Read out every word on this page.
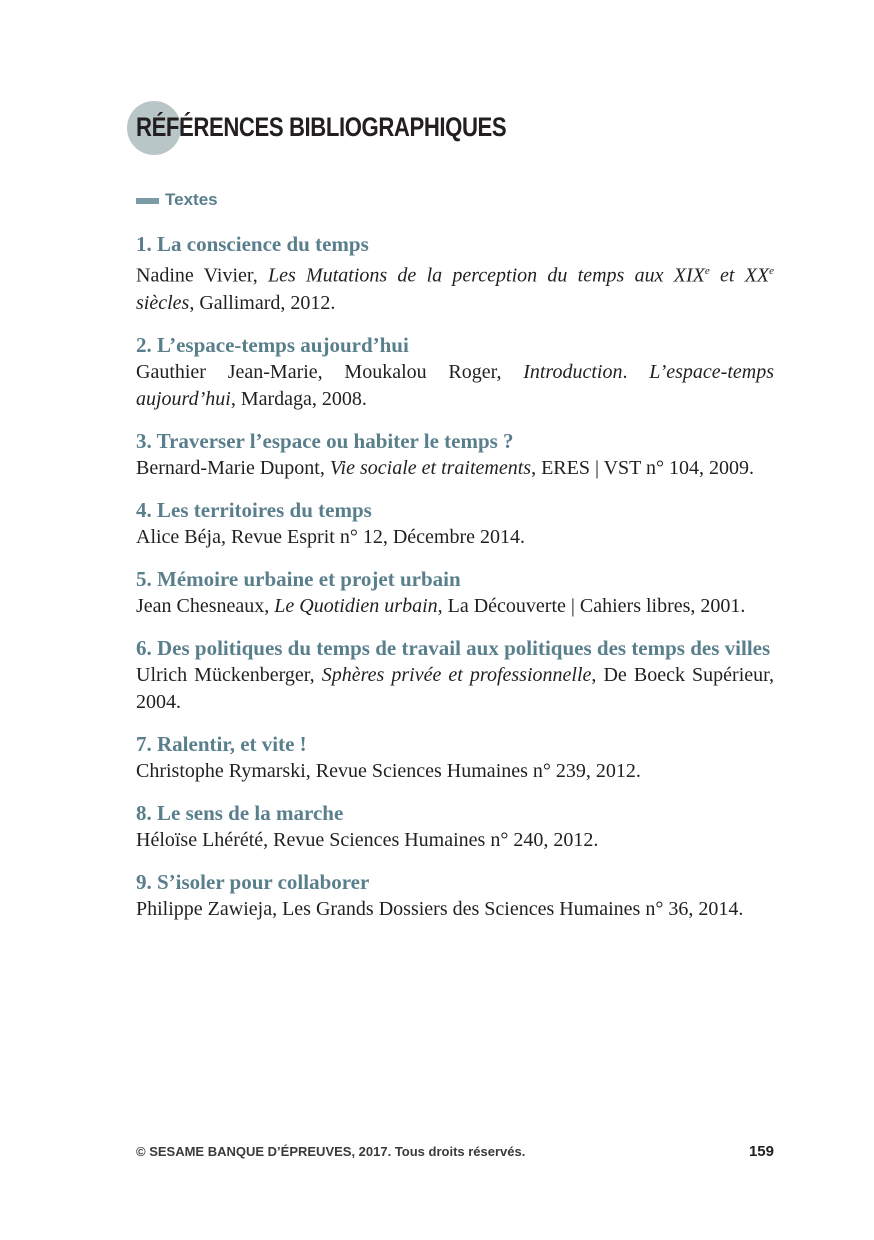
RÉFÉRENCES BIBLIOGRAPHIQUES
Textes
1. La conscience du temps
Nadine Vivier, Les Mutations de la perception du temps aux XIXe et XXe siècles, Gallimard, 2012.
2. L’espace-temps aujourd’hui
Gauthier Jean-Marie, Moukalou Roger, Introduction. L’espace-temps aujourd’hui, Mardaga, 2008.
3. Traverser l’espace ou habiter le temps ?
Bernard-Marie Dupont, Vie sociale et traitements, ERES | VST n° 104, 2009.
4. Les territoires du temps
Alice Béja, Revue Esprit n° 12, Décembre 2014.
5. Mémoire urbaine et projet urbain
Jean Chesneaux, Le Quotidien urbain, La Découverte | Cahiers libres, 2001.
6. Des politiques du temps de travail aux politiques des temps des villes
Ulrich Mückenberger, Sphères privée et professionnelle, De Boeck Supérieur, 2004.
7. Ralentir, et vite !
Christophe Rymarski, Revue Sciences Humaines n° 239, 2012.
8. Le sens de la marche
Héloïse Lhérété, Revue Sciences Humaines n° 240, 2012.
9. S’isoler pour collaborer
Philippe Zawieja, Les Grands Dossiers des Sciences Humaines n° 36, 2014.
© SESAME BANQUE D’ÉPREUVES, 2017. Tous droits réservés.	159
